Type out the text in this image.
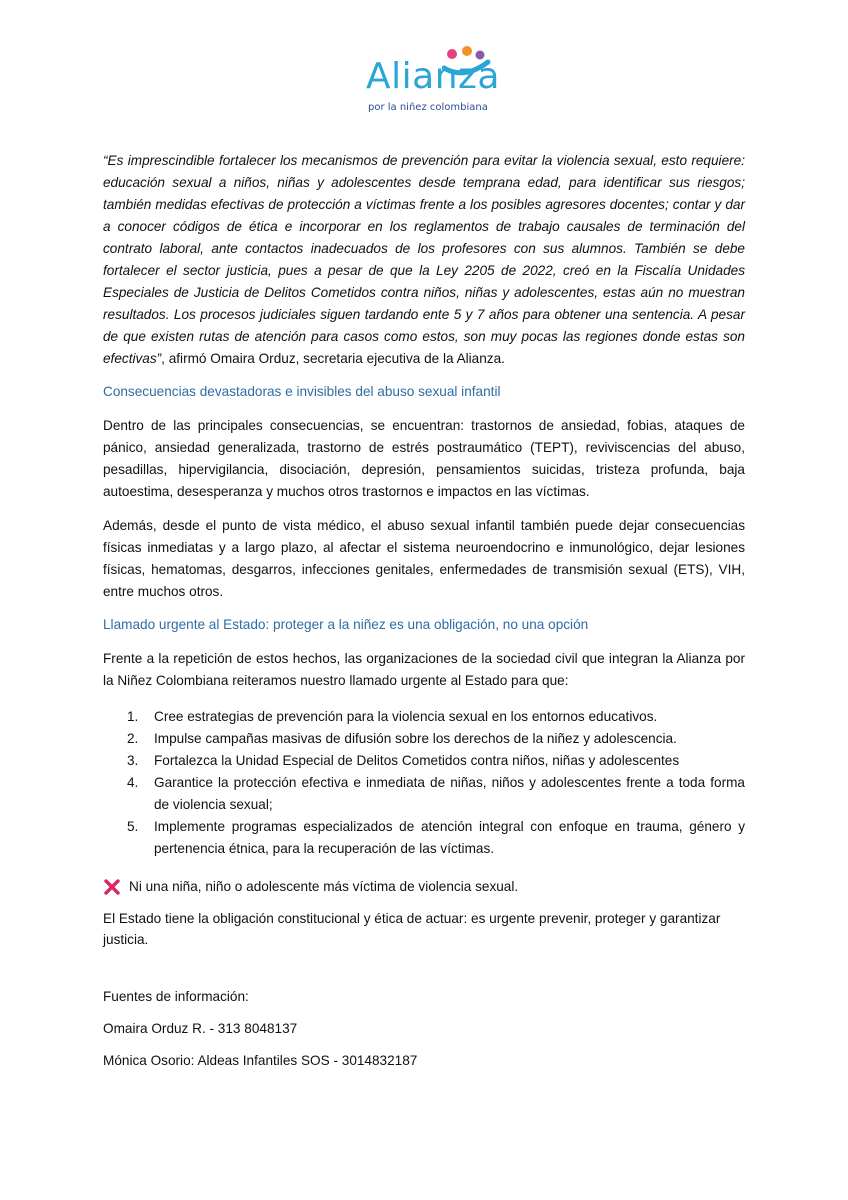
Alianza
por la niñez colombiana

“Es imprescindible fortalecer los mecanismos de prevención para evitar la violencia sexual, esto requiere: educación sexual a niños, niñas y adolescentes desde temprana edad, para identificar sus riesgos; también medidas efectivas de protección a víctimas frente a los posibles agresores docentes; contar y dar a conocer códigos de ética e incorporar en los reglamentos de trabajo causales de terminación del contrato laboral, ante contactos inadecuados de los profesores con sus alumnos. También se debe fortalecer el sector justicia, pues a pesar de que la Ley 2205 de 2022, creó en la Fiscalía Unidades Especiales de Justicia de Delitos Cometidos contra niños, niñas y adolescentes, estas aún no muestran resultados. Los procesos judiciales siguen tardando ente 5 y 7 años para obtener una sentencia. A pesar de que existen rutas de atención para casos como estos, son muy pocas las regiones donde estas son efectivas”, afirmó Omaira Orduz, secretaria ejecutiva de la Alianza.

Consecuencias devastadoras e invisibles del abuso sexual infantil

Dentro de las principales consecuencias, se encuentran: trastornos de ansiedad, fobias, ataques de pánico, ansiedad generalizada, trastorno de estrés postraumático (TEPT), reviviscencias del abuso, pesadillas, hipervigilancia, disociación, depresión, pensamientos suicidas, tristeza profunda, baja autoestima, desesperanza y muchos otros trastornos e impactos en las víctimas.

Además, desde el punto de vista médico, el abuso sexual infantil también puede dejar consecuencias físicas inmediatas y a largo plazo, al afectar el sistema neuroendocrino e inmunológico, dejar lesiones físicas, hematomas, desgarros, infecciones genitales, enfermedades de transmisión sexual (ETS), VIH, entre muchos otros.

Llamado urgente al Estado: proteger a la niñez es una obligación, no una opción

Frente a la repetición de estos hechos, las organizaciones de la sociedad civil que integran la Alianza por la Niñez Colombiana reiteramos nuestro llamado urgente al Estado para que:

1. Cree estrategias de prevención para la violencia sexual en los entornos educativos.
2. Impulse campañas masivas de difusión sobre los derechos de la niñez y adolescencia.
3. Fortalezca la Unidad Especial de Delitos Cometidos contra niños, niñas y adolescentes
4. Garantice la protección efectiva e inmediata de niñas, niños y adolescentes frente a toda forma de violencia sexual;
5. Implemente programas especializados de atención integral con enfoque en trauma, género y pertenencia étnica, para la recuperación de las víctimas.

Ni una niña, niño o adolescente más víctima de violencia sexual.

El Estado tiene la obligación constitucional y ética de actuar: es urgente prevenir, proteger y garantizar justicia.

Fuentes de información:

Omaira Orduz R. - 313 8048137

Mónica Osorio: Aldeas Infantiles SOS - 3014832187
